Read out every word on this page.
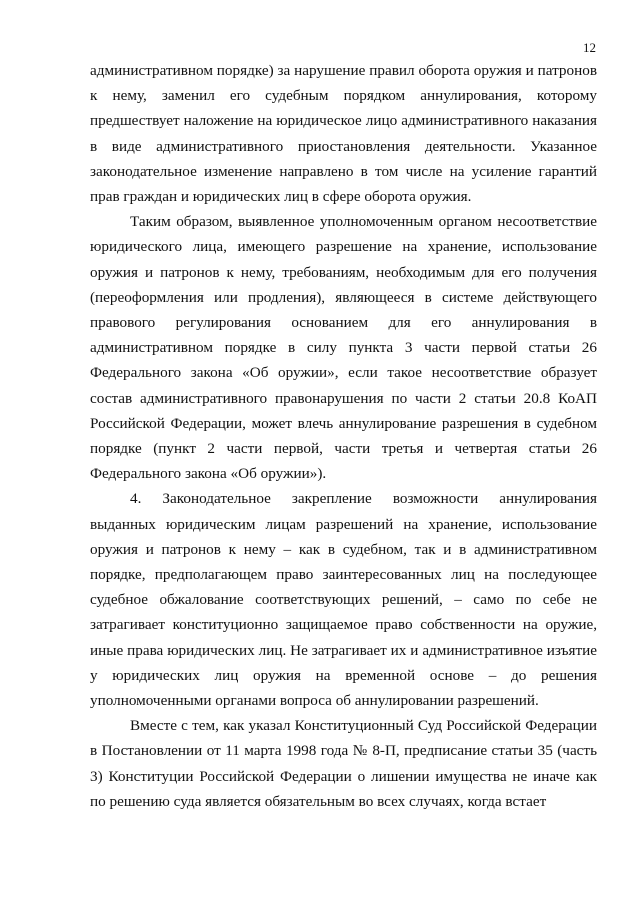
12

административном порядке) за нарушение правил оборота оружия и патронов к нему, заменил его судебным порядком аннулирования, которому предшествует наложение на юридическое лицо административного наказания в виде административного приостановления деятельности. Указанное законодательное изменение направлено в том числе на усиление гарантий прав граждан и юридических лиц в сфере оборота оружия.

Таким образом, выявленное уполномоченным органом несоответствие юридического лица, имеющего разрешение на хранение, использование оружия и патронов к нему, требованиям, необходимым для его получения (переоформления или продления), являющееся в системе действующего правового регулирования основанием для его аннулирования в административном порядке в силу пункта 3 части первой статьи 26 Федерального закона «Об оружии», если такое несоответствие образует состав административного правонарушения по части 2 статьи 20.8 КоАП Российской Федерации, может влечь аннулирование разрешения в судебном порядке (пункт 2 части первой, части третья и четвертая статьи 26 Федерального закона «Об оружии»).

4. Законодательное закрепление возможности аннулирования выданных юридическим лицам разрешений на хранение, использование оружия и патронов к нему – как в судебном, так и в административном порядке, предполагающем право заинтересованных лиц на последующее судебное обжалование соответствующих решений, – само по себе не затрагивает конституционно защищаемое право собственности на оружие, иные права юридических лиц. Не затрагивает их и административное изъятие у юридических лиц оружия на временной основе – до решения уполномоченными органами вопроса об аннулировании разрешений.

Вместе с тем, как указал Конституционный Суд Российской Федерации в Постановлении от 11 марта 1998 года № 8-П, предписание статьи 35 (часть 3) Конституции Российской Федерации о лишении имущества не иначе как по решению суда является обязательным во всех случаях, когда встает
